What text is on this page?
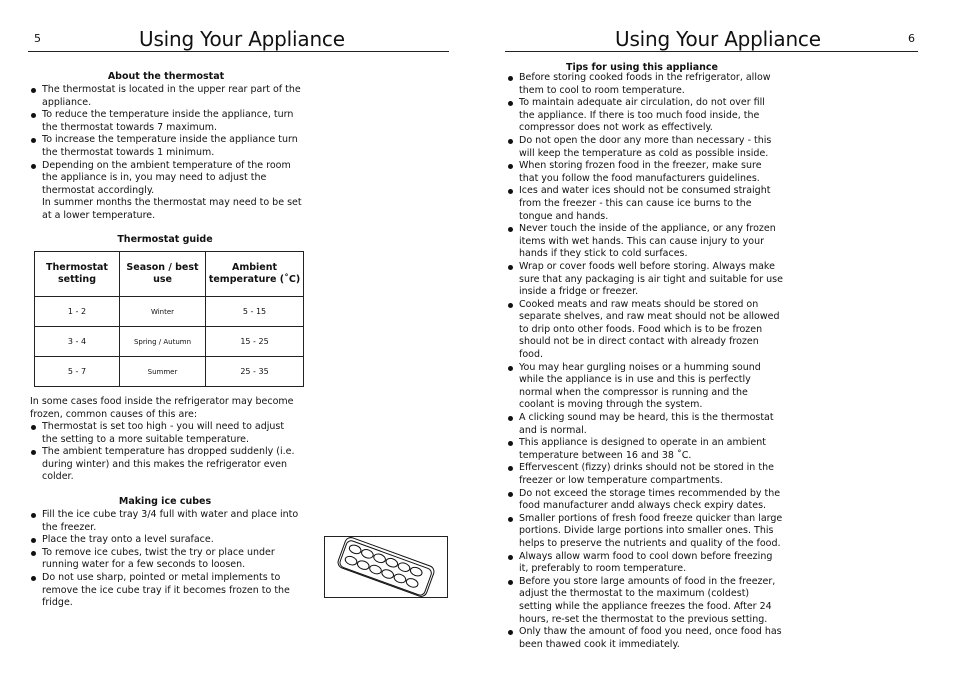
5	Using Your Appliance
About the thermostat
The thermostat is located in the upper rear part of the appliance.
To reduce the temperature inside the appliance, turn the thermostat towards 7 maximum.
To increase the temperature inside the appliance turn the thermostat towards 1 minimum.
Depending on the ambient temperature of the room the appliance is in, you may need to adjust the thermostat accordingly.
In summer months the thermostat may need to be set at a lower temperature.
Thermostat guide
Thermostat setting	Season / best use	Ambient temperature (˚C)
1 - 2	Winter	5 - 15
3 - 4	Spring / Autumn	15 - 25
5 - 7	Summer	25 - 35

In some cases food inside the refrigerator may become frozen, common causes of this are:

Thermostat is set too high - you will need to adjust the setting to a more suitable temperature.
The ambient temperature has dropped suddenly (i.e. during winter) and this makes the refrigerator even colder.
Making ice cubes
Fill the ice cube tray 3/4 full with water and place into the freezer.
Place the tray onto a level suraface.
To remove ice cubes, twist the try or place under running water for a few seconds to loosen.
Do not use sharp, pointed or metal implements to remove the ice cube tray if it becomes frozen to the fridge.
Using Your Appliance	6
Tips for using this appliance
Before storing cooked foods in the refrigerator, allow them to cool to room temperature.
To maintain adequate air circulation, do not over fill the appliance. If there is too much food inside, the compressor does not work as effectively.
Do not open the door any more than necessary - this will keep the temperature as cold as possible inside.
When storing frozen food in the freezer, make sure that you follow the food manufacturers guidelines.
Ices and water ices should not be consumed straight from the freezer - this can cause ice burns to the tongue and hands.
Never touch the inside of the appliance, or any frozen items with wet hands. This can cause injury to your hands if they stick to cold surfaces.
Wrap or cover foods well before storing. Always make sure that any packaging is air tight and suitable for use inside a fridge or freezer.
Cooked meats and raw meats should be stored on separate shelves, and raw meat should not be allowed to drip onto other foods. Food which is to be frozen should not be in direct contact with already frozen food.
You may hear gurgling noises or a humming sound while the appliance is in use and this is perfectly normal when the compressor is running and the coolant is moving through the system.
A clicking sound may be heard, this is the thermostat and is normal.
This appliance is designed to operate in an ambient temperature between 16 and 38 ˚C.
Effervescent (fizzy) drinks should not be stored in the freezer or low temperature compartments.
Do not exceed the storage times recommended by the food manufacturer andd always check expiry dates.
Smaller portions of fresh food freeze quicker than large portions. Divide large portions into smaller ones. This helps to preserve the nutrients and quality of the food.
Always allow warm food to cool down before freezing it, preferably to room temperature.
Before you store large amounts of food in the freezer, adjust the thermostat to the maximum (coldest) setting while the appliance freezes the food. After 24 hours, re-set the thermostat to the previous setting.
Only thaw the amount of food you need, once food has been thawed cook it immediately.
